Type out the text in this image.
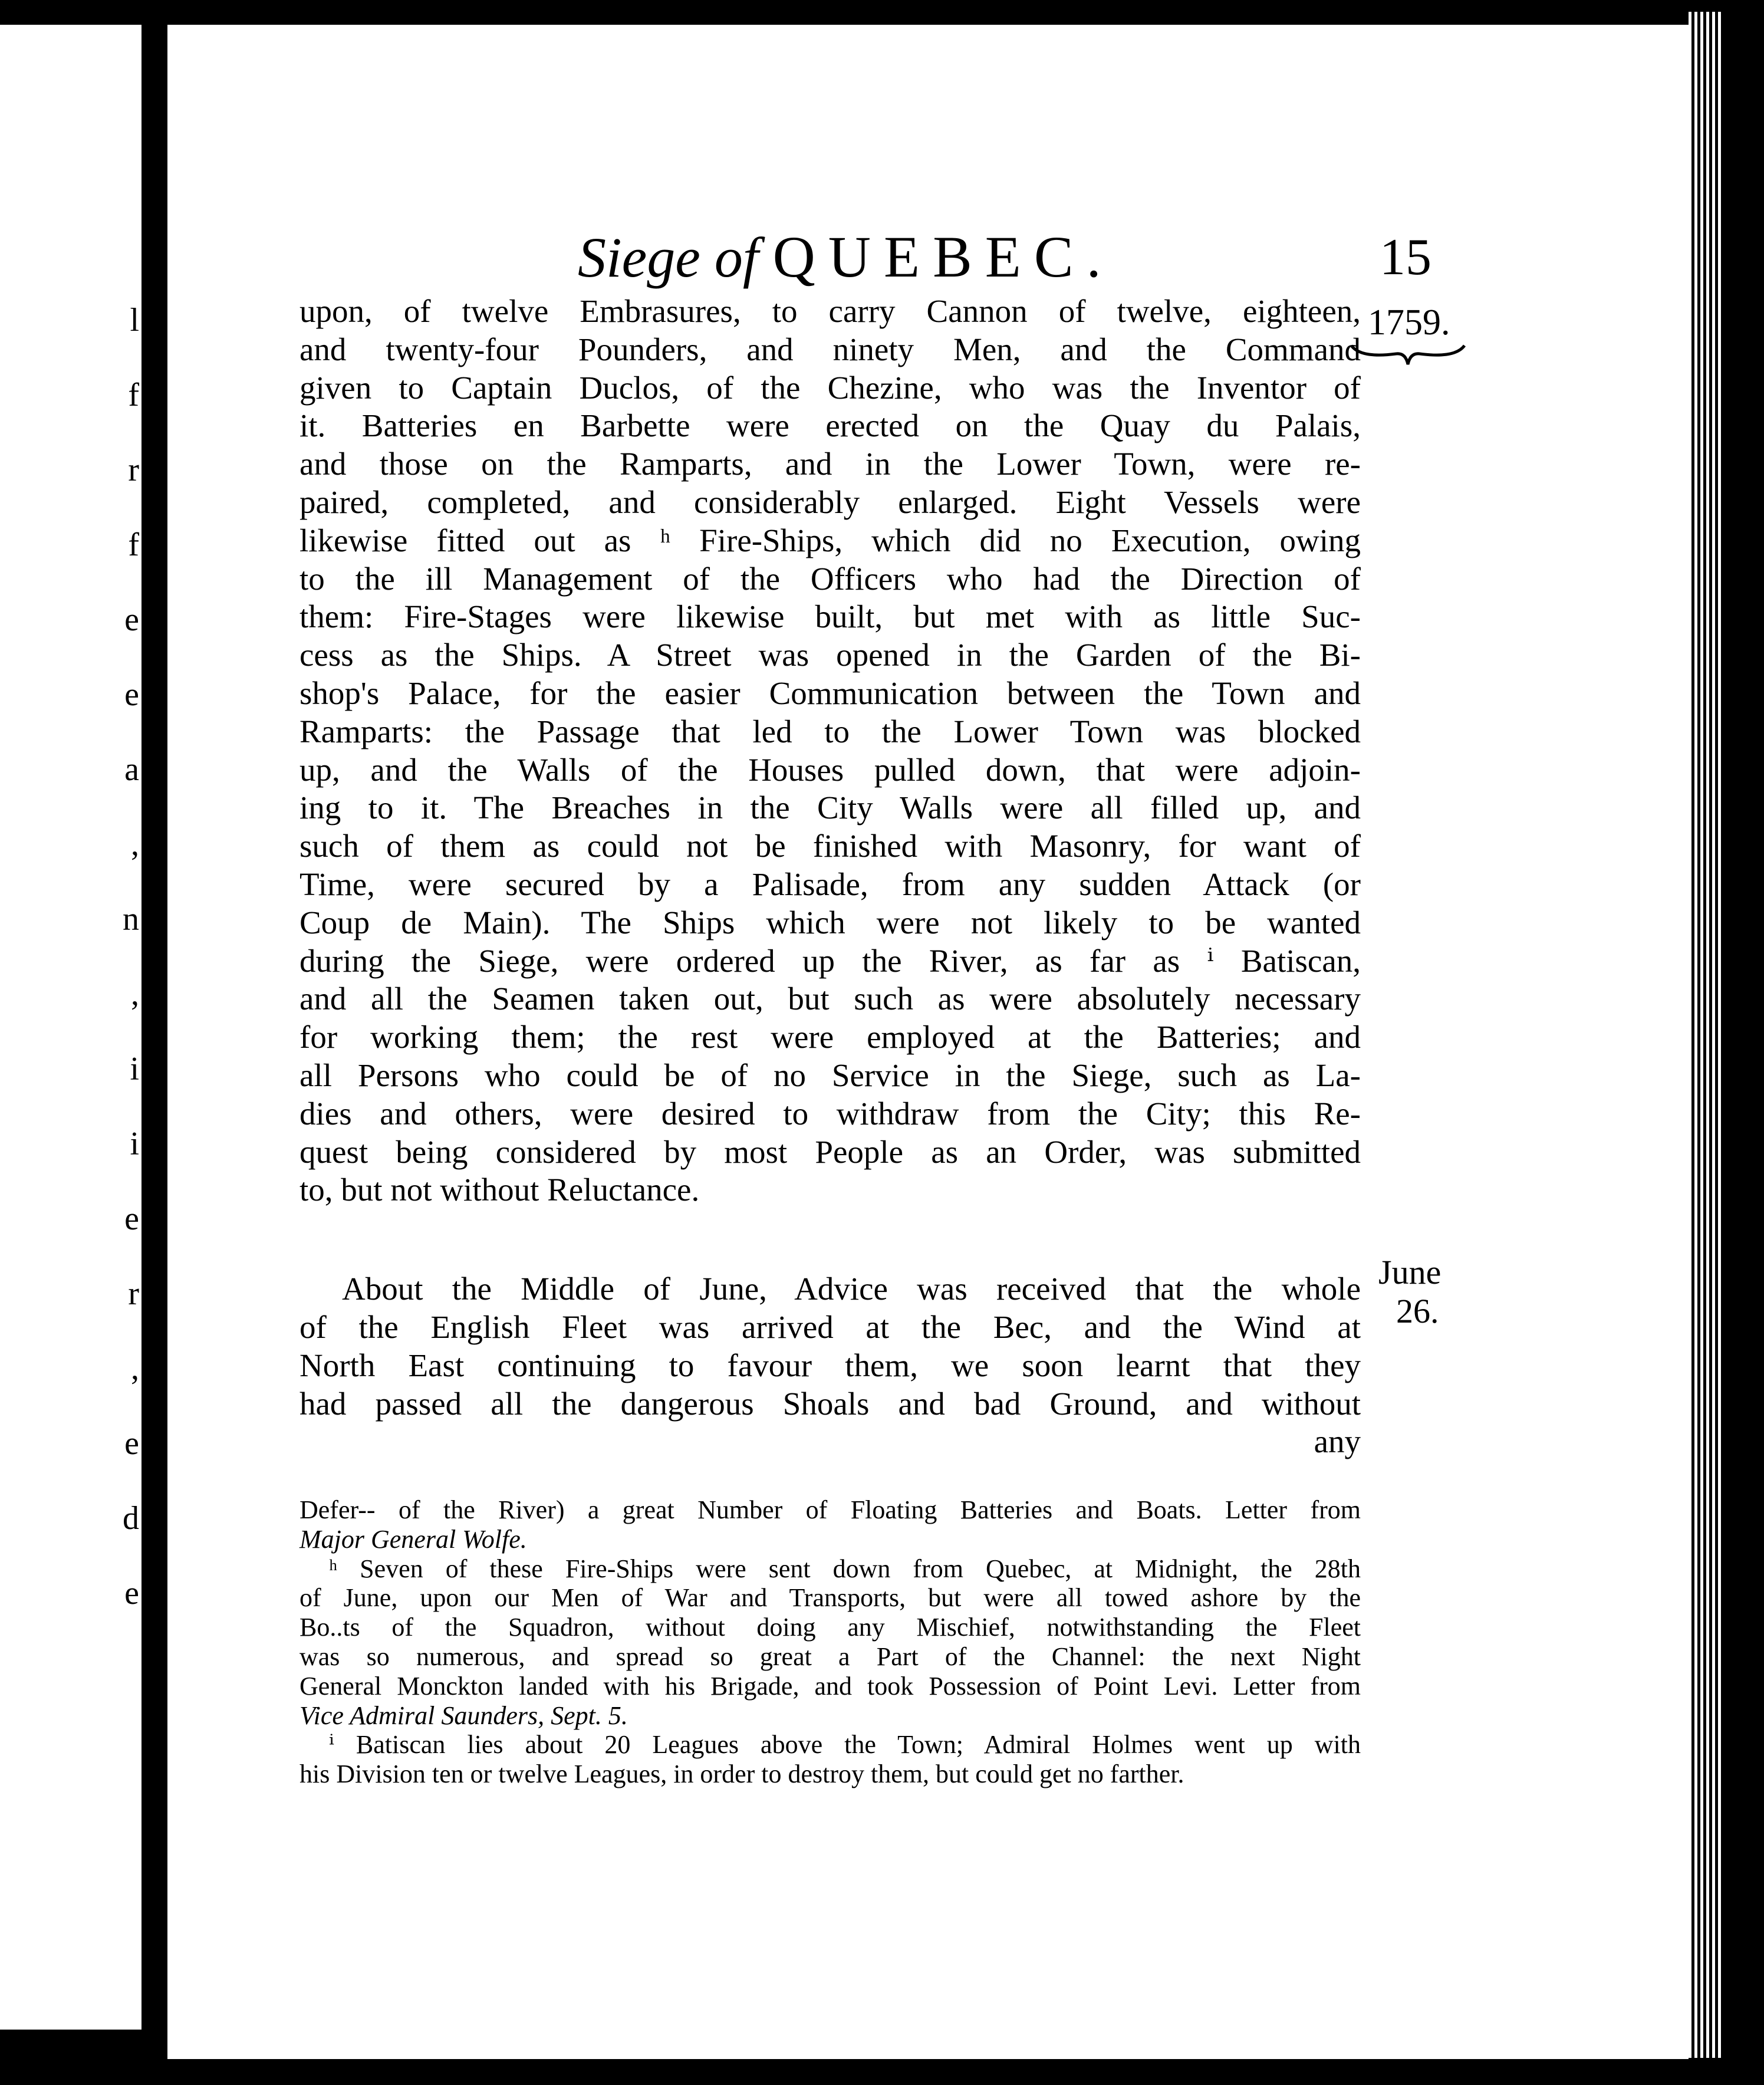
l
f
r
f
e
e
a
,
n
,
i
i
e
r
,
e
d
e
Siege of QUEBEC.	15
1759.
June
26.
upon, of twelve Embrasures, to carry Cannon of twelve, eighteen,
and twenty-four Pounders, and ninety Men, and the Command
given to Captain Duclos, of the Chezine, who was the Inventor of
it. Batteries en Barbette were erected on the Quay du Palais,
and those on the Ramparts, and in the Lower Town, were re-
paired, completed, and considerably enlarged. Eight Vessels were
likewise fitted out as ʰ Fire-Ships, which did no Execution, owing
to the ill Management of the Officers who had the Direction of
them: Fire-Stages were likewise built, but met with as little Suc-
cess as the Ships. A Street was opened in the Garden of the Bi-
shop's Palace, for the easier Communication between the Town and
Ramparts: the Passage that led to the Lower Town was blocked
up, and the Walls of the Houses pulled down, that were adjoin-
ing to it. The Breaches in the City Walls were all filled up, and
such of them as could not be finished with Masonry, for want of
Time, were secured by a Palisade, from any sudden Attack (or
Coup de Main). The Ships which were not likely to be wanted
during the Siege, were ordered up the River, as far as ⁱ Batiscan,
and all the Seamen taken out, but such as were absolutely necessary
for working them; the rest were employed at the Batteries; and
all Persons who could be of no Service in the Siege, such as La-
dies and others, were desired to withdraw from the City; this Re-
quest being considered by most People as an Order, was submitted
to, but not without Reluctance.
About the Middle of June, Advice was received that the whole
of the English Fleet was arrived at the Bec, and the Wind at
North East continuing to favour them, we soon learnt that they
had passed all the dangerous Shoals and bad Ground, and without
any
Defer-- of the River) a great Number of Floating Batteries and Boats. Letter from
Major General Wolfe.
ʰ Seven of these Fire-Ships were sent down from Quebec, at Midnight, the 28th
of June, upon our Men of War and Transports, but were all towed ashore by the
Bo..ts of the Squadron, without doing any Mischief, notwithstanding the Fleet
was so numerous, and spread so great a Part of the Channel: the next Night
General Monckton landed with his Brigade, and took Possession of Point Levi. Letter from
Vice Admiral Saunders, Sept. 5.
ⁱ Batiscan lies about 20 Leagues above the Town; Admiral Holmes went up with
his Division ten or twelve Leagues, in order to destroy them, but could get no farther.
